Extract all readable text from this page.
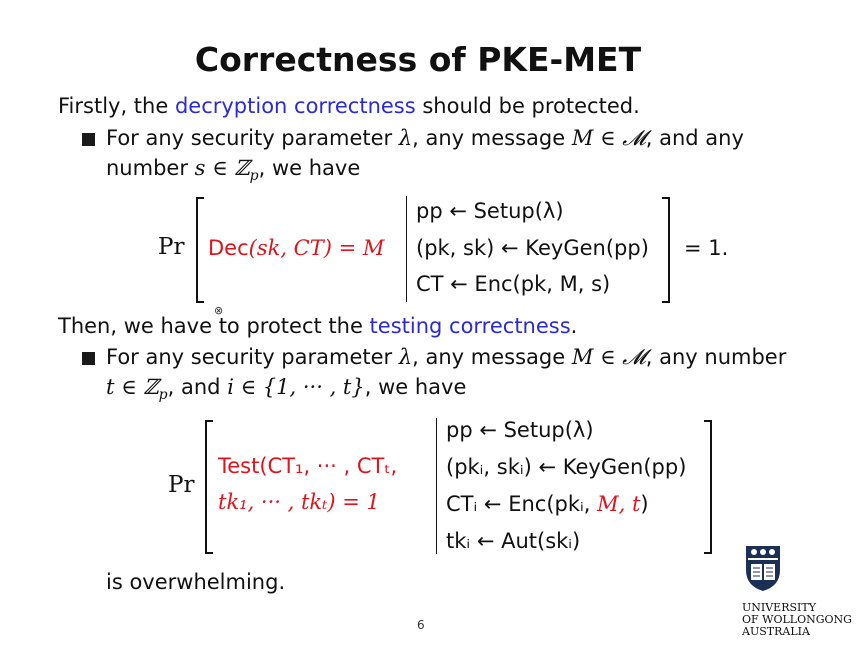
Correctness of PKE-MET
Firstly, the decryption correctness should be protected.
For any security parameter λ, any message M ∈ 𝓜, and any
number s ∈ ℤ$_p$, we have
Pr Dec(sk, CT) = M
pp ← Setup(λ)
(pk, sk) ← KeyGen(pp)
CT ← Enc(pk, M, s)
= 1.
⊗
Then, we have to protect the testing correctness.
For any security parameter λ, any message M ∈ 𝓜, any number
t ∈ ℤ$_p$, and i ∈ {1, ··· , t}, we have
Pr
Test(CT₁, ··· , CTₜ,
tk₁, ··· , tkₜ) = 1
pp ← Setup(λ)
(pkᵢ, skᵢ) ← KeyGen(pp)
CTᵢ ← Enc(pkᵢ, M, t)
tkᵢ ← Aut(skᵢ)
is overwhelming.
6
UNIVERSITY
OF WOLLONGONG
AUSTRALIA
